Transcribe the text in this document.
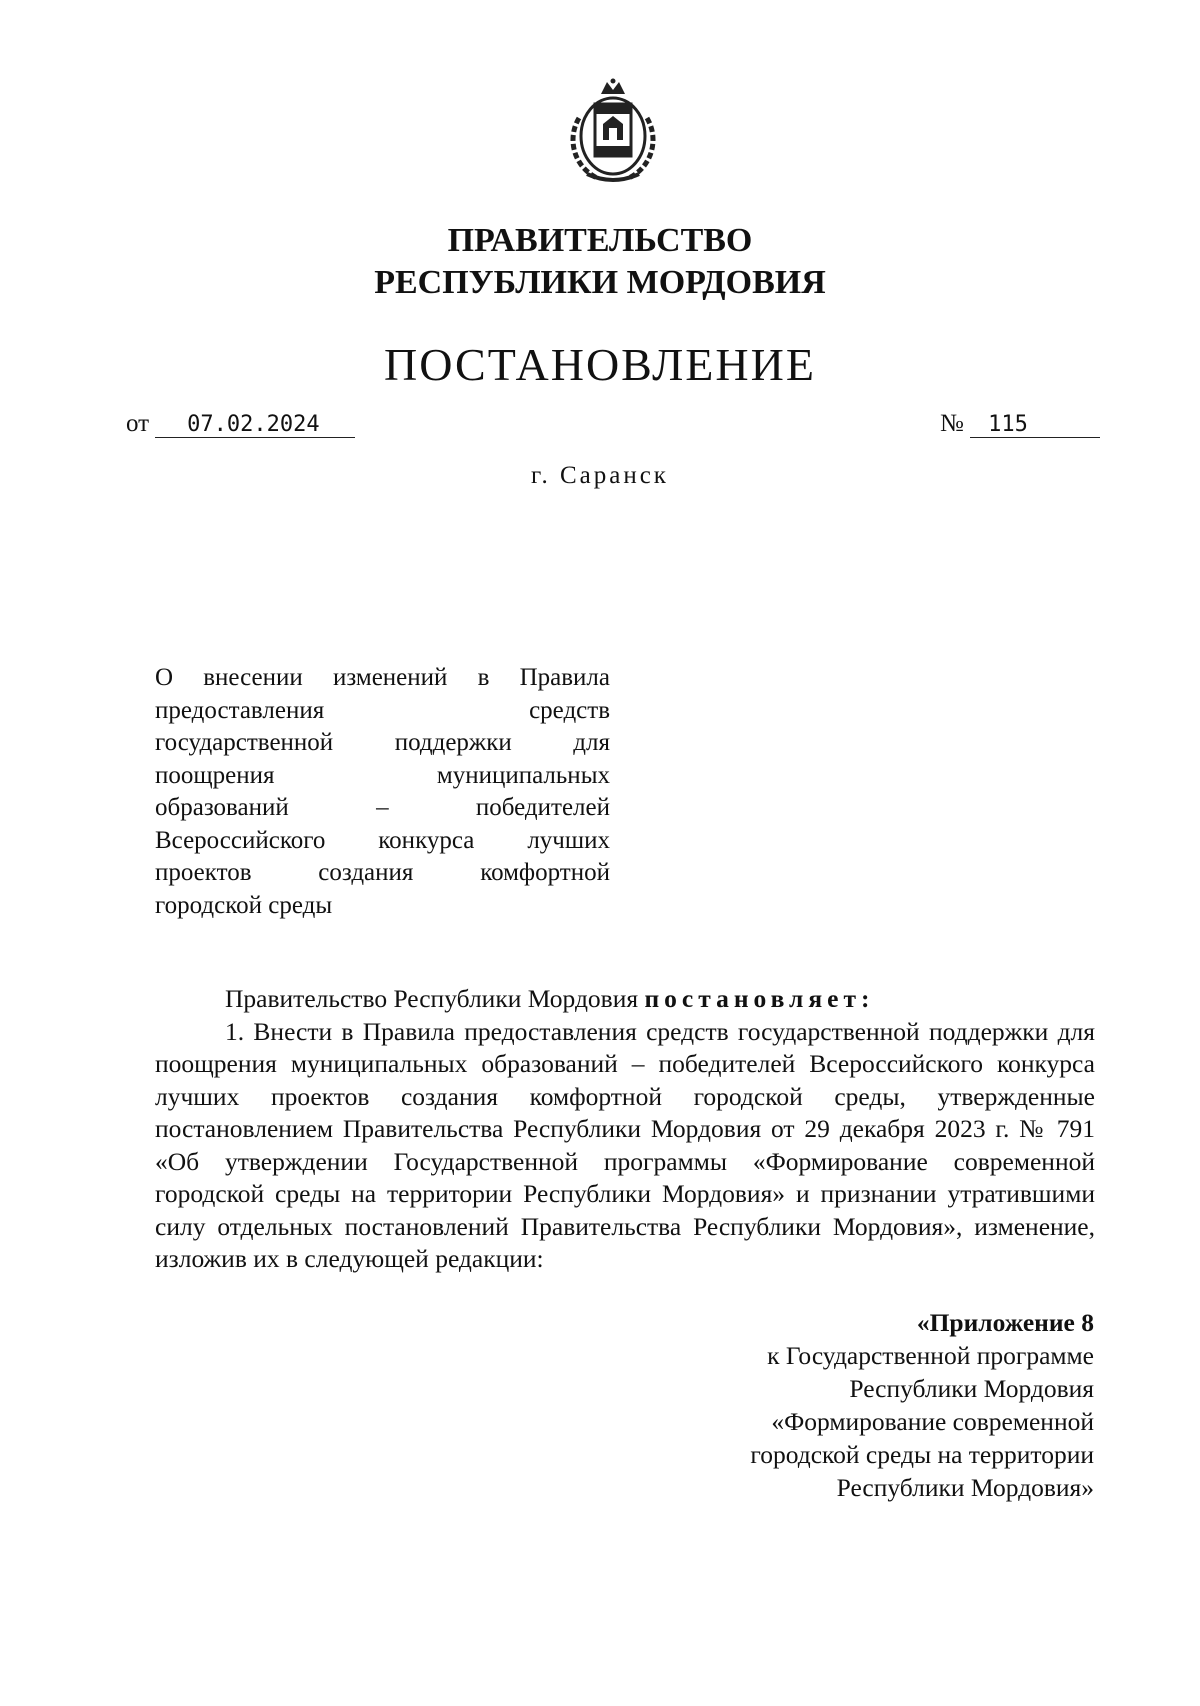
ПРАВИТЕЛЬСТВО
РЕСПУБЛИКИ МОРДОВИЯ
ПОСТАНОВЛЕНИЕ
от 07.02.2024	№ 115
г. Саранск
О внесении изменений в Правила
предоставления средств
государственной поддержки для
поощрения муниципальных
образований – победителей
Всероссийского конкурса лучших
проектов создания комфортной
городской среды

Правительство Республики Мордовия постановляет:

1. Внести в Правила предоставления средств государственной поддержки для поощрения муниципальных образований – победителей Всероссийского конкурса лучших проектов создания комфортной городской среды, утвержденные постановлением Правительства Республики Мордовия от 29 декабря 2023 г. № 791 «Об утверждении Государственной программы «Формирование современной городской среды на территории Республики Мордовия» и признании утратившими силу отдельных постановлений Правительства Республики Мордовия», изменение, изложив их в следующей редакции:

«Приложение 8
к Государственной программе
Республики Мордовия
«Формирование современной
городской среды на территории
Республики Мордовия»
